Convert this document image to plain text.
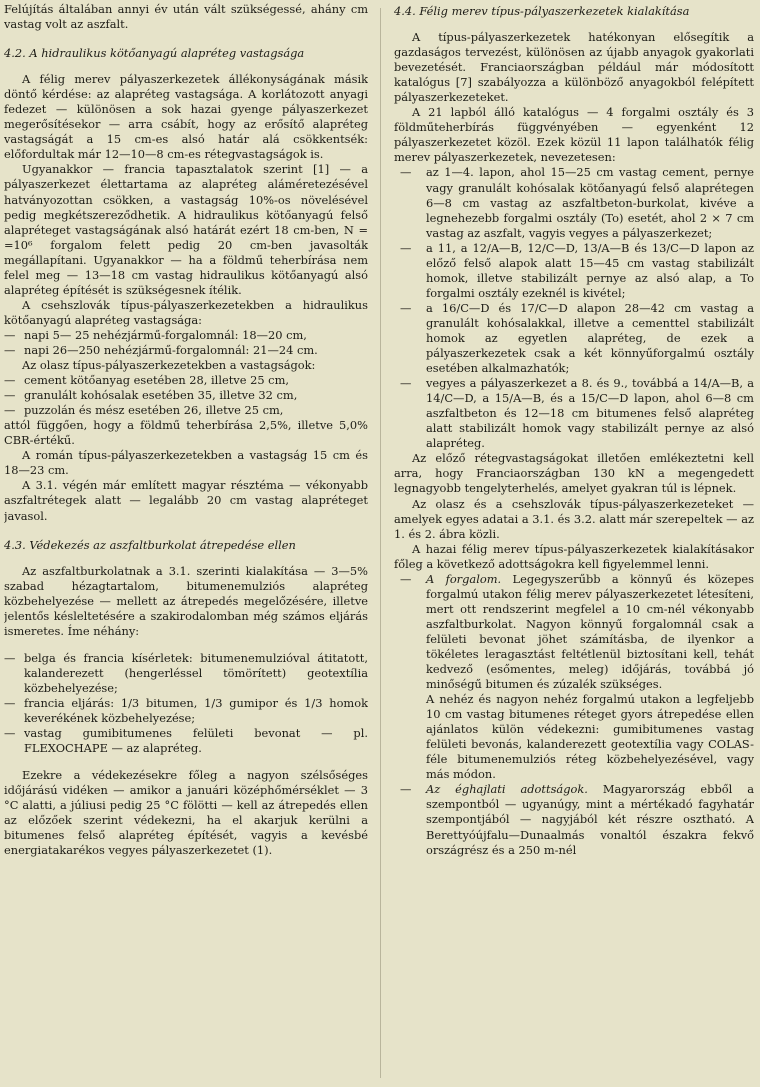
Felújítás általában annyi év után vált szükségessé, ahány cm vastag volt az aszfalt.

4.2. A hidraulikus kötőanyagú alapréteg vastagsága

A félig merev pályaszerkezetek állékonyságának másik döntő kérdése: az alapréteg vastagsága. A korlátozott anyagi fedezet — különösen a sok hazai gyenge pályaszerkezet megerősítésekor — arra csábít, hogy az erősítő alapréteg vastagságát a 15 cm-es alsó határ alá csökkentsék: előfordultak már 12—10—8 cm-es rétegvastagságok is.

Ugyanakkor — francia tapasztalatok szerint [1] — a pályaszerkezet élettartama az alapréteg aláméretezésével hatványozottan csökken, a vastagság 10%-os növelésével pedig megkétszereződhetik. A hidraulikus kötőanyagú felső alapréteget vastagságának alsó határát ezért 18 cm-ben, N = =10⁶ forgalom felett pedig 20 cm-ben javasolták megállapítani. Ugyanakkor — ha a földmű teherbírása nem felel meg — 13—18 cm vastag hidraulikus kötőanyagú alsó alapréteg építését is szükségesnek ítélik.

A csehszlovák típus-pályaszerkezetekben a hidraulikus kötőanyagú alapréteg vastagsága:

— napi 5— 25 nehézjármű-forgalomnál: 18—20 cm,
— napi 26—250 nehézjármű-forgalomnál: 21—24 cm.

Az olasz típus-pályaszerkezetekben a vastagságok:

— cement kötőanyag esetében 28, illetve 25 cm,
— granulált kohósalak esetében 35, illetve 32 cm,
— puzzolán és mész esetében 26, illetve 25 cm,

attól függően, hogy a földmű teherbírása 2,5%, illetve 5,0% CBR-értékű.

A román típus-pályaszerkezetekben a vastagság 15 cm és 18—23 cm.

A 3.1. végén már említett magyar résztéma — vékonyabb aszfaltrétegek alatt — legalább 20 cm vastag alapréteget javasol.

4.3. Védekezés az aszfaltburkolat átrepedése ellen

Az aszfaltburkolatnak a 3.1. szerinti kialakítása — 3—5% szabad hézagtartalom, bitumenemulziós alapréteg közbehelyezése — mellett az átrepedés megelőzésére, illetve jelentős késleltetésére a szakirodalomban még számos eljárás ismeretes. Íme néhány:

— belga és francia kísérletek: bitumenemulzióval átitatott, kalanderezett (hengerléssel tömörített) geotextília közbehelyezése;
— francia eljárás: 1/3 bitumen, 1/3 gumipor és 1/3 homok keverékének közbehelyezése;
— vastag gumibitumenes felületi bevonat — pl. FLEXOCHAPE — az alapréteg.

Ezekre a védekezésekre főleg a nagyon szélsőséges időjárású vidéken — amikor a januári középhőmérséklet — 3 °C alatti, a júliusi pedig 25 °C fölötti — kell az átrepedés ellen az előzőek szerint védekezni, ha el akarjuk kerülni a bitumenes felső alapréteg építését, vagyis a kevésbé energiatakarékos vegyes pályaszerkezetet (1).

4.4. Félig merev típus-pályaszerkezetek kialakítása

A típus-pályaszerkezetek hatékonyan elősegítik a gazdaságos tervezést, különösen az újabb anyagok gyakorlati bevezetését. Franciaországban például már módosított katalógus [7] szabályozza a különböző anyagokból felépített pályaszerkezeteket.

A 21 lapból álló katalógus — 4 forgalmi osztály és 3 földműteherbírás függvényében — egyenként 12 pályaszerkezetet közöl. Ezek közül 11 lapon találhatók félig merev pályaszerkezetek, nevezetesen:

— az 1—4. lapon, ahol 15—25 cm vastag cement, pernye vagy granulált kohósalak kötőanyagú felső alaprétegen 6—8 cm vastag az aszfaltbeton-burkolat, kivéve a legnehezebb forgalmi osztály (To) esetét, ahol 2 × 7 cm vastag az aszfalt, vagyis vegyes a pályaszerkezet;
— a 11, a 12/A—B, 12/C—D, 13/A—B és 13/C—D lapon az előző felső alapok alatt 15—45 cm vastag stabilizált homok, illetve stabilizált pernye az alsó alap, a To forgalmi osztály ezeknél is kivétel;
— a 16/C—D és 17/C—D alapon 28—42 cm vastag a granulált kohósalakkal, illetve a cementtel stabilizált homok az egyetlen alapréteg, de ezek a pályaszerkezetek csak a két könnyűforgalmú osztály esetében alkalmazhatók;
— vegyes a pályaszerkezet a 8. és 9., továbbá a 14/A—B, a 14/C—D, a 15/A—B, és a 15/C—D lapon, ahol 6—8 cm aszfaltbeton és 12—18 cm bitumenes felső alapréteg alatt stabilizált homok vagy stabilizált pernye az alsó alapréteg.

Az előző rétegvastagságokat illetően emlékeztetni kell arra, hogy Franciaországban 130 kN a megengedett legnagyobb tengelyterhelés, amelyet gyakran túl is lépnek.

Az olasz és a csehszlovák típus-pályaszerkezeteket — amelyek egyes adatai a 3.1. és 3.2. alatt már szerepeltek — az 1. és 2. ábra közli.

A hazai félig merev típus-pályaszerkezetek kialakításakor főleg a következő adottságokra kell figyelemmel lenni.

— A forgalom. Legegyszerűbb a könnyű és közepes forgalmú utakon félig merev pályaszerkezetet létesíteni, mert ott rendszerint megfelel a 10 cm-nél vékonyabb aszfaltburkolat. Nagyon könnyű forgalomnál csak a felületi bevonat jöhet számításba, de ilyenkor a tökéletes leragasztást feltétlenül biztosítani kell, tehát kedvező (esőmentes, meleg) időjárás, továbbá jó minőségű bitumen és zúzalék szükséges.

A nehéz és nagyon nehéz forgalmú utakon a legfeljebb 10 cm vastag bitumenes réteget gyors átrepedése ellen ajánlatos külön védekezni: gumibitumenes vastag felületi bevonás, kalanderezett geotextília vagy COLAS-féle bitumenemulziós réteg közbehelyezésével, vagy más módon.

— Az éghajlati adottságok. Magyarország ebből a szempontból — ugyanúgy, mint a mértékadó fagyhatár szempontjából — nagyjából két részre osztható. A Berettyóújfalu—Dunaalmás vonaltól északra fekvő országrész és a 250 m-nél
